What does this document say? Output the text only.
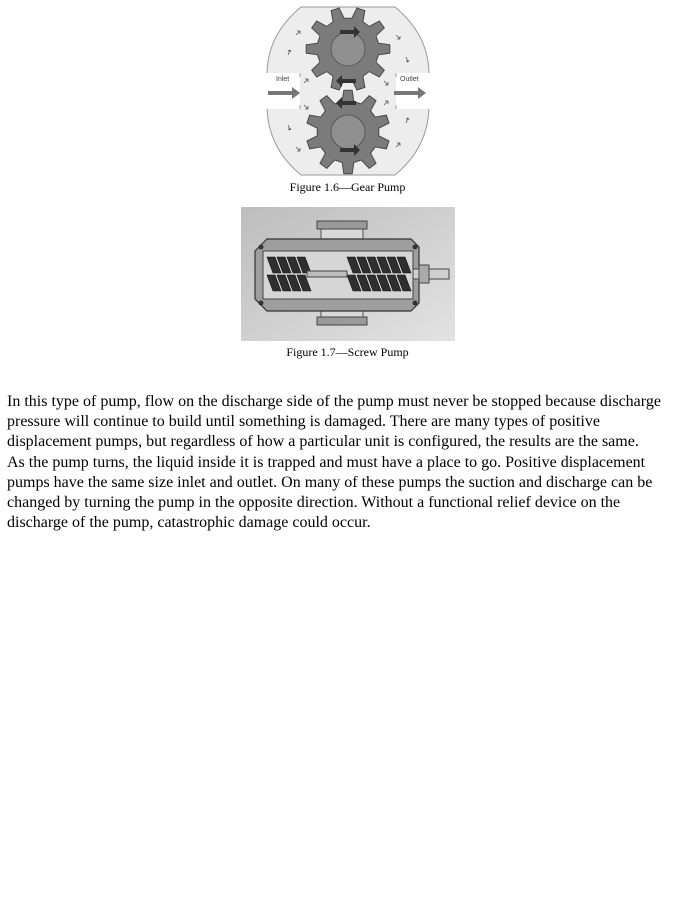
Inlet	Outlet
Figure 1.6—Gear Pump
Figure 1.7—Screw Pump
In this type of pump, flow on the discharge side of the pump must never be stopped because discharge
pressure will continue to build until something is damaged. There are many types of positive
displacement pumps, but regardless of how a particular unit is configured, the results are the same.
As the pump turns, the liquid inside it is trapped and must have a place to go. Positive displacement
pumps have the same size inlet and outlet. On many of these pumps the suction and discharge can be
changed by turning the pump in the opposite direction. Without a functional relief device on the
discharge of the pump, catastrophic damage could occur.
